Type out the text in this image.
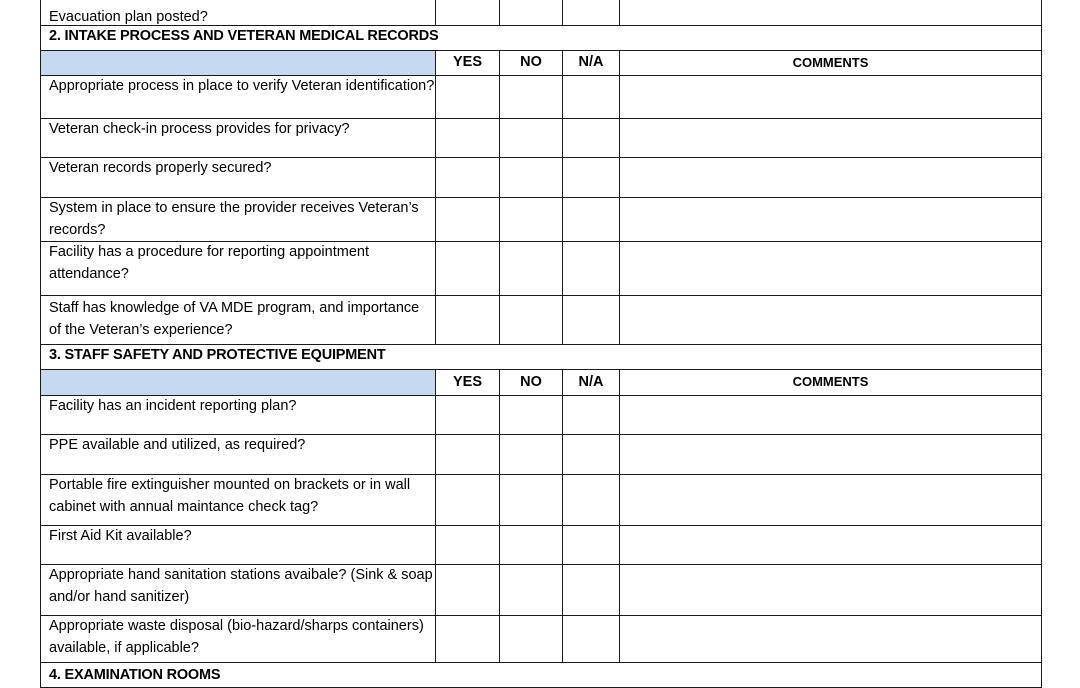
Evacuation plan posted?				
2. INTAKE PROCESS AND VETERAN MEDICAL RECORDS				
	YES	NO	N/A	COMMENTS
Appropriate process in place to verify Veteran identification?				
Veteran check-in process provides for privacy?				
Veteran records properly secured?				
System in place to ensure the provider receives Veteran’s records?				
Facility has a procedure for reporting appointment attendance?				
Staff has knowledge of VA MDE program, and importance of the Veteran’s experience?				
3. STAFF SAFETY AND PROTECTIVE EQUIPMENT				
	YES	NO	N/A	COMMENTS
Facility has an incident reporting plan?				
PPE available and utilized, as required?				
Portable fire extinguisher mounted on brackets or in wall cabinet with annual maintance check tag?				
First Aid Kit available?				
Appropriate hand sanitation stations avaibale? (Sink & soap and/or hand sanitizer)				
Appropriate waste disposal (bio-hazard/sharps containers) available, if applicable?				

4. EXAMINATION ROOMS				
